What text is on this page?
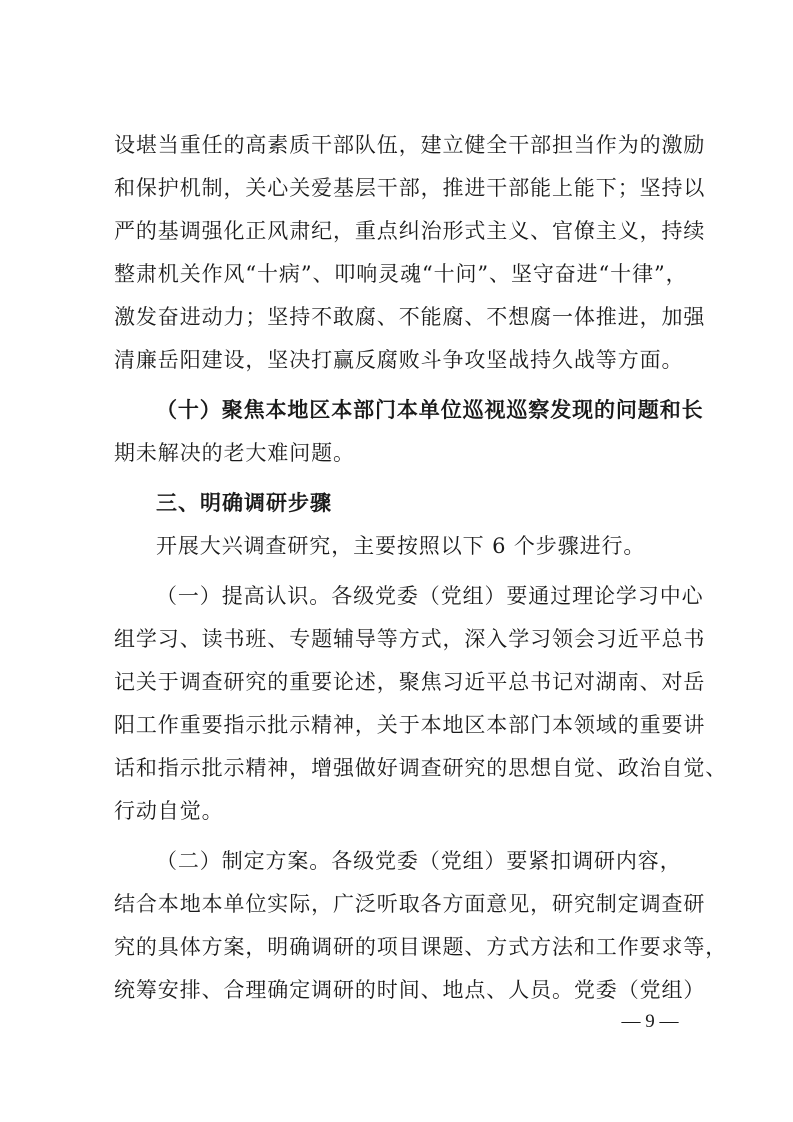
设堪当重任的高素质干部队伍，建立健全干部担当作为的激励
和保护机制，关心关爱基层干部，推进干部能上能下；坚持以
严的基调强化正风肃纪，重点纠治形式主义、官僚主义，持续
整肃机关作风“十病”、叩响灵魂“十问”、坚守奋进“十律”，
激发奋进动力；坚持不敢腐、不能腐、不想腐一体推进，加强
清廉岳阳建设，坚决打赢反腐败斗争攻坚战持久战等方面。
（十）聚焦本地区本部门本单位巡视巡察发现的问题和长
期未解决的老大难问题。
三、明确调研步骤
开展大兴调查研究，主要按照以下 6 个步骤进行。
（一）提高认识。各级党委（党组）要通过理论学习中心
组学习、读书班、专题辅导等方式，深入学习领会习近平总书
记关于调查研究的重要论述，聚焦习近平总书记对湖南、对岳
阳工作重要指示批示精神，关于本地区本部门本领域的重要讲
话和指示批示精神，增强做好调查研究的思想自觉、政治自觉、
行动自觉。
（二）制定方案。各级党委（党组）要紧扣调研内容，
结合本地本单位实际，广泛听取各方面意见，研究制定调查研
究的具体方案，明确调研的项目课题、方式方法和工作要求等，
统筹安排、合理确定调研的时间、地点、人员。党委（党组）
— 9 —
